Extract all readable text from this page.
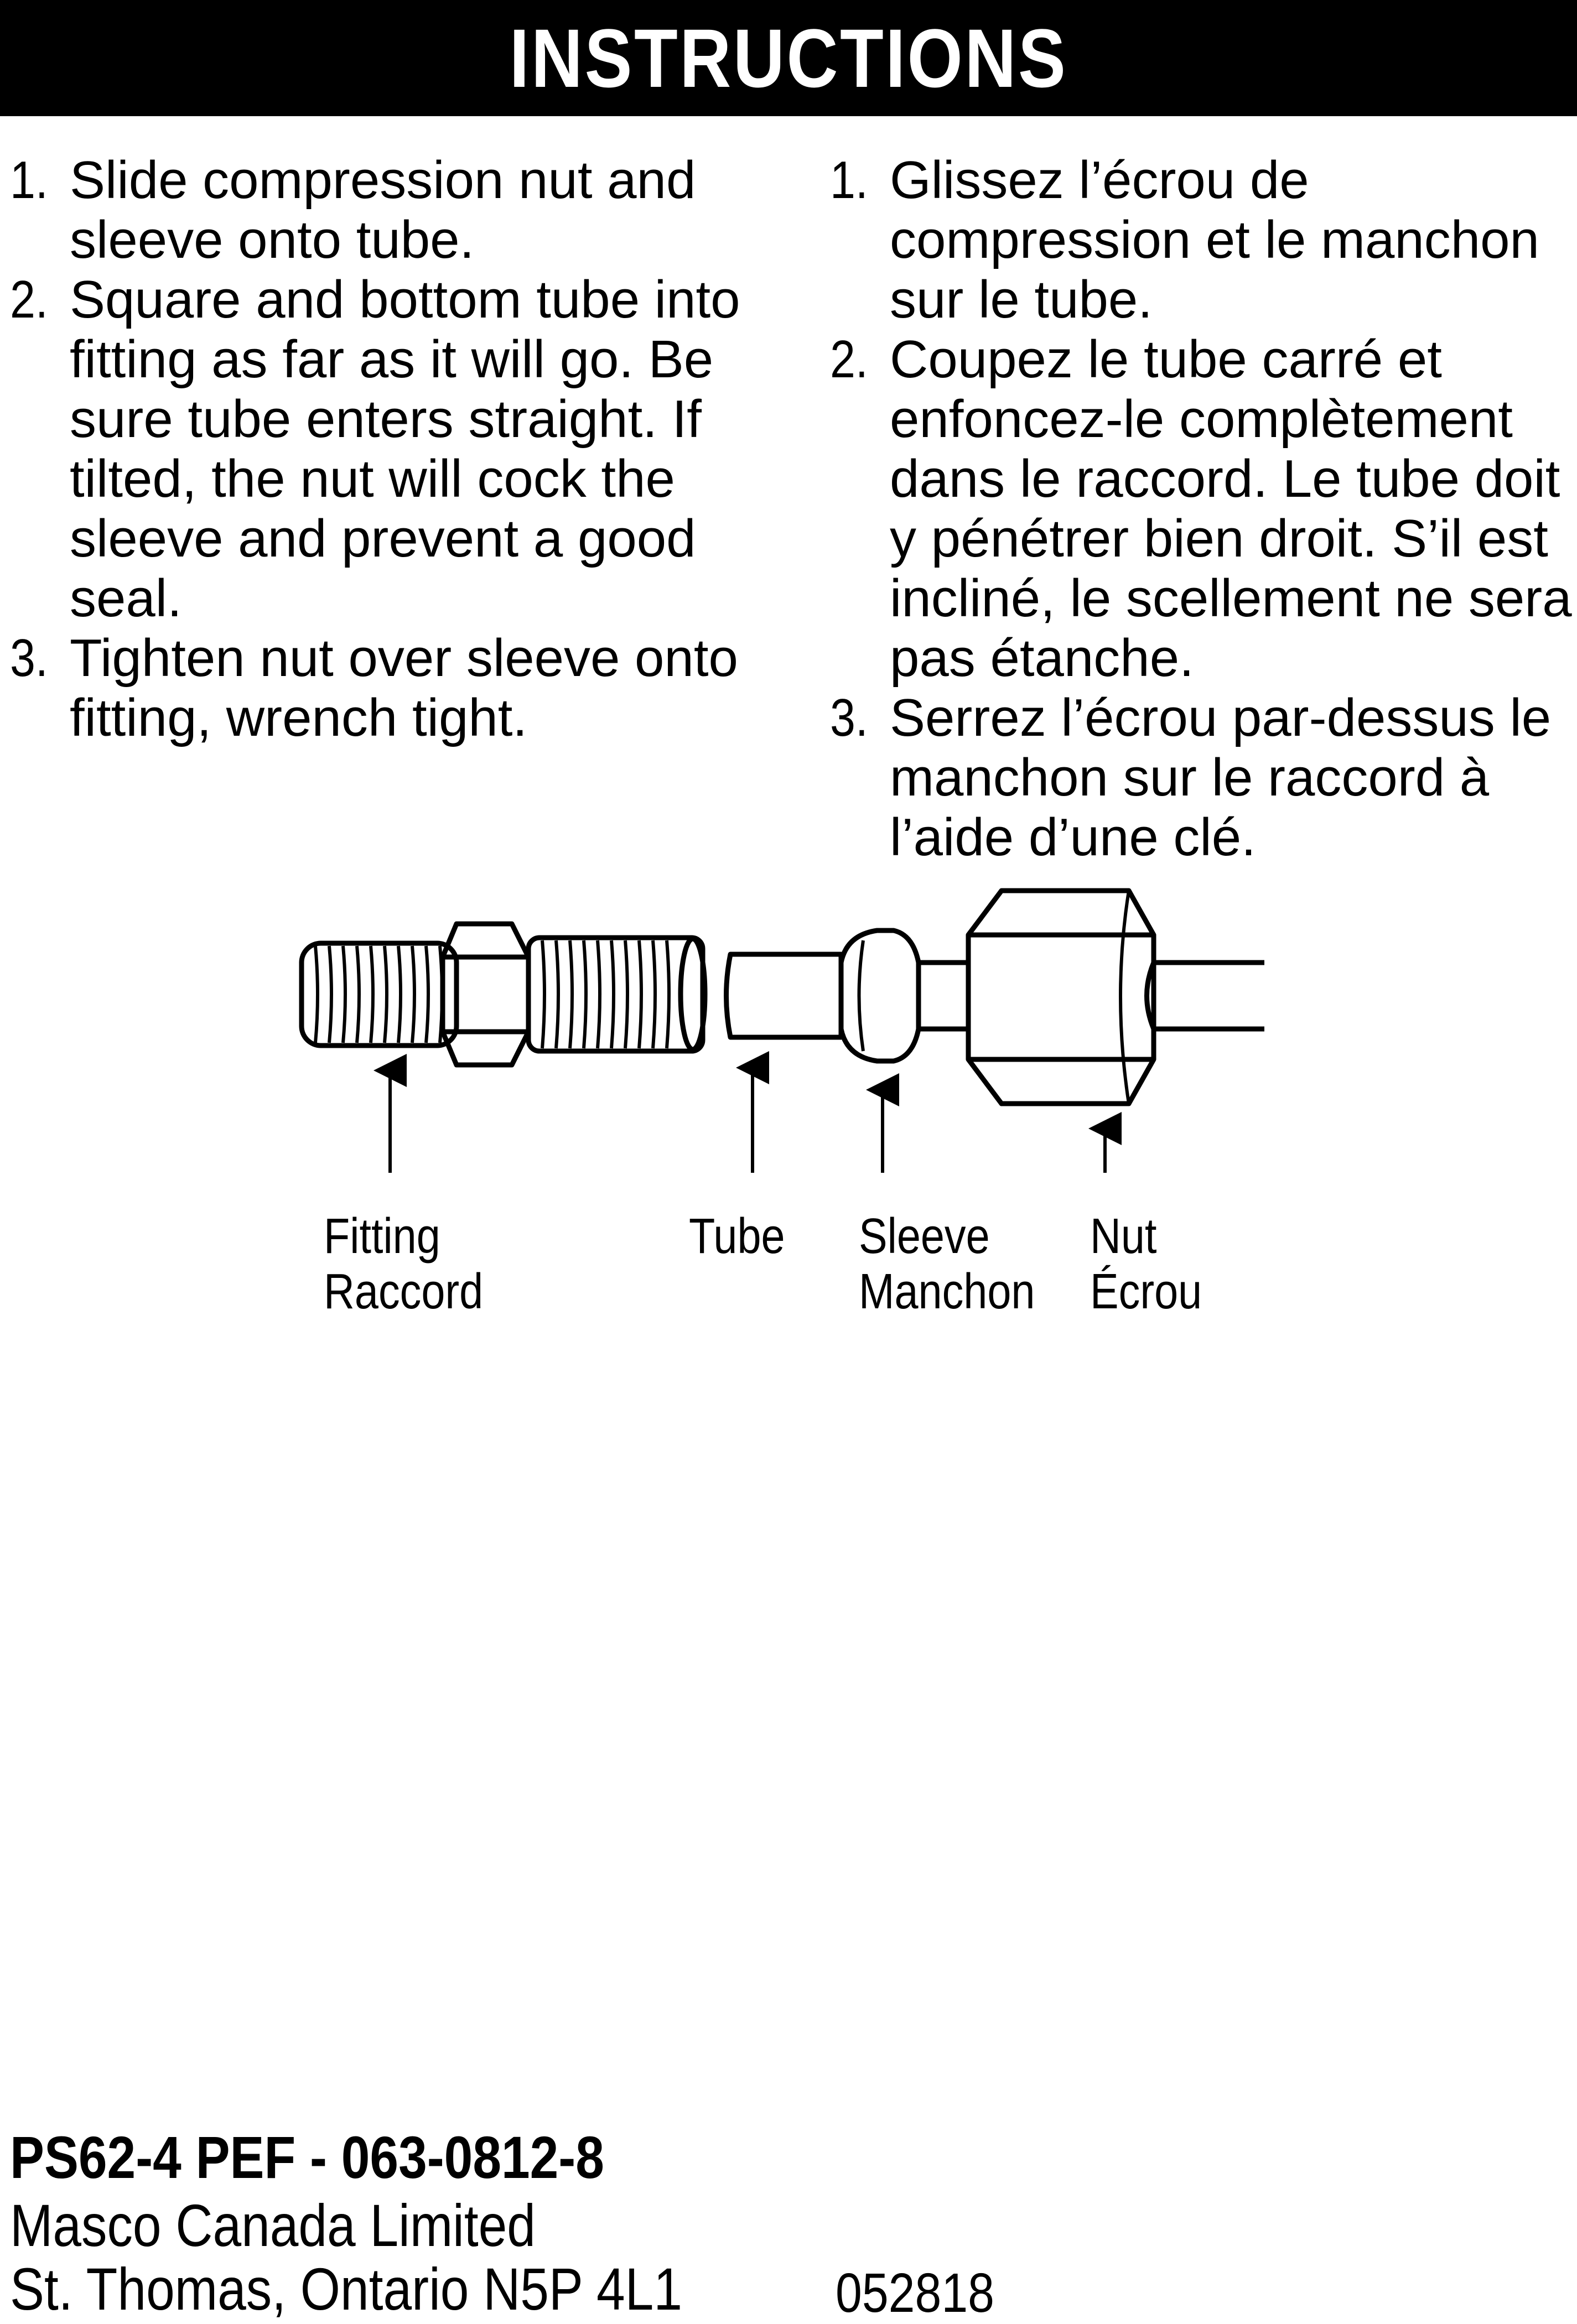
INSTRUCTIONS
1. Slide compression nut and sleeve onto tube.
2. Square and bottom tube into fitting as far as it will go. Be sure tube enters straight. If tilted, the nut will cock the sleeve and prevent a good seal.
3. Tighten nut over sleeve onto fitting, wrench tight.
1. Glissez l’écrou de compression et le manchon sur le tube.
2. Coupez le tube carré et enfoncez-le complètement dans le raccord. Le tube doit y pénétrer bien droit. S’il est incliné, le scellement ne sera pas étanche.
3. Serrez l’écrou par-dessus le manchon sur le raccord à l’aide d’une clé.
Fitting
Raccord
Tube Sleeve
Manchon
Nut
Écrou
PS62-4 PEF - 063-0812-8
Masco Canada Limited
St. Thomas, Ontario N5P 4L1	052818
